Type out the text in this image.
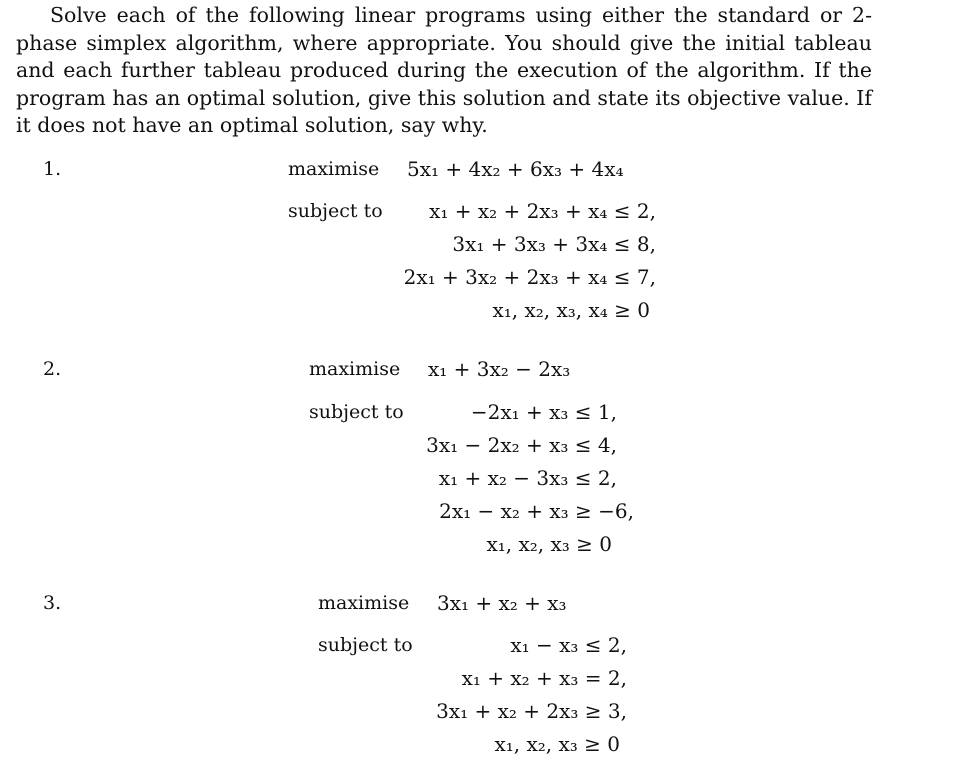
Solve each of the following linear programs using either the standard or 2-phase simplex algorithm, where appropriate. You should give the initial tableau and each further tableau produced during the execution of the algorithm. If the program has an optimal solution, give this solution and state its objective value. If it does not have an optimal solution, say why.

1.	maximise 5x₁ + 4x₂ + 6x₃ + 4x₄
subject to x₁ + x₂ + 2x₃ + x₄ ≤ 2,
3x₁ + 3x₃ + 3x₄ ≤ 8,
2x₁ + 3x₂ + 2x₃ + x₄ ≤ 7,
x₁, x₂, x₃, x₄ ≥ 0
2.	maximise x₁ + 3x₂ − 2x₃
subject to	−2x₁ + x₃ ≤ 1,
3x₁ − 2x₂ + x₃ ≤ 4,
x₁ + x₂ − 3x₃ ≤ 2,
2x₁ − x₂ + x₃ ≥ −6,
x₁, x₂, x₃ ≥ 0
3.	maximise 3x₁ + x₂ + x₃
subject to	x₁ − x₃ ≤ 2,
x₁ + x₂ + x₃ = 2,
3x₁ + x₂ + 2x₃ ≥ 3,
x₁, x₂, x₃ ≥ 0
